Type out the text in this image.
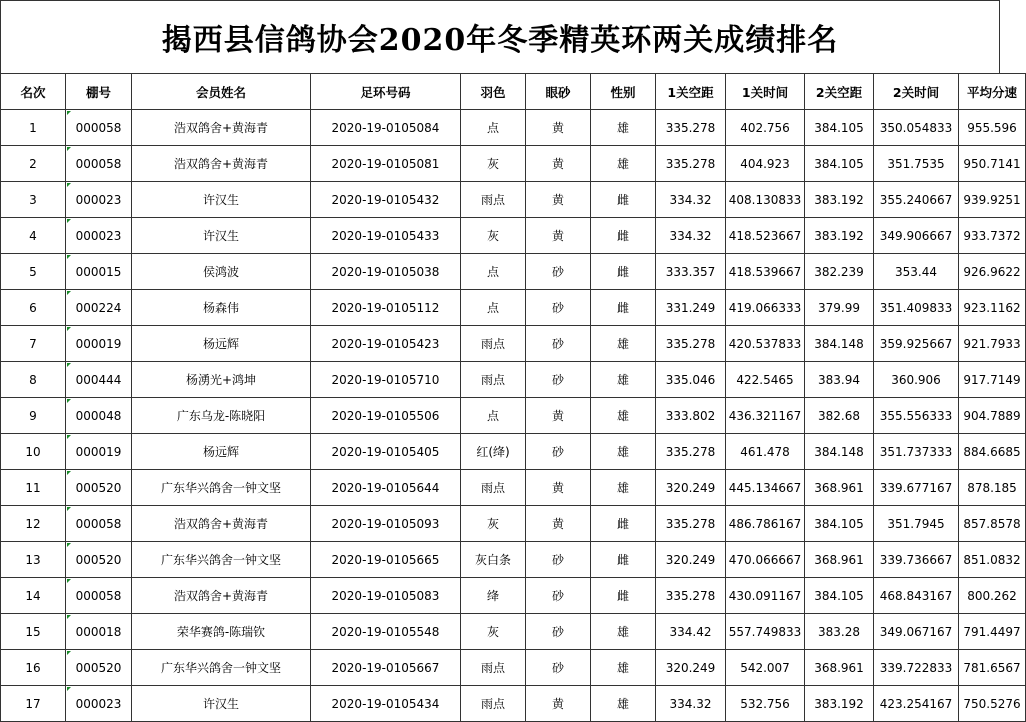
揭西县信鸽协会2020年冬季精英环两关成绩排名
名次	棚号	会员姓名	足环号码	羽色	眼砂	性别	1关空距	1关时间	2关空距	2关时间	平均分速
1	000058	浩双鸽舍+黄海青	2020-19-0105084	点	黄	雄	335.278	402.756	384.105	350.054833	955.596
2	000058	浩双鸽舍+黄海青	2020-19-0105081	灰	黄	雄	335.278	404.923	384.105	351.7535	950.7141
3	000023	许汉生	2020-19-0105432	雨点	黄	雌	334.32	408.130833	383.192	355.240667	939.9251
4	000023	许汉生	2020-19-0105433	灰	黄	雌	334.32	418.523667	383.192	349.906667	933.7372
5	000015	侯鸿波	2020-19-0105038	点	砂	雌	333.357	418.539667	382.239	353.44	926.9622
6	000224	杨森伟	2020-19-0105112	点	砂	雌	331.249	419.066333	379.99	351.409833	923.1162
7	000019	杨远辉	2020-19-0105423	雨点	砂	雄	335.278	420.537833	384.148	359.925667	921.7933
8	000444	杨湧光+鸿坤	2020-19-0105710	雨点	砂	雄	335.046	422.5465	383.94	360.906	917.7149
9	000048	广东乌龙-陈晓阳	2020-19-0105506	点	黄	雄	333.802	436.321167	382.68	355.556333	904.7889
10	000019	杨远辉	2020-19-0105405	红(绛)	砂	雄	335.278	461.478	384.148	351.737333	884.6685
11	000520	广东华兴鸽舍一钟文坚	2020-19-0105644	雨点	黄	雄	320.249	445.134667	368.961	339.677167	878.185
12	000058	浩双鸽舍+黄海青	2020-19-0105093	灰	黄	雌	335.278	486.786167	384.105	351.7945	857.8578
13	000520	广东华兴鸽舍一钟文坚	2020-19-0105665	灰白条	砂	雌	320.249	470.066667	368.961	339.736667	851.0832
14	000058	浩双鸽舍+黄海青	2020-19-0105083	绛	砂	雌	335.278	430.091167	384.105	468.843167	800.262
15	000018	荣华赛鸽-陈瑞钦	2020-19-0105548	灰	砂	雄	334.42	557.749833	383.28	349.067167	791.4497
16	000520	广东华兴鸽舍一钟文坚	2020-19-0105667	雨点	砂	雄	320.249	542.007	368.961	339.722833	781.6567
17	000023	许汉生	2020-19-0105434	雨点	黄	雄	334.32	532.756	383.192	423.254167	750.5276
